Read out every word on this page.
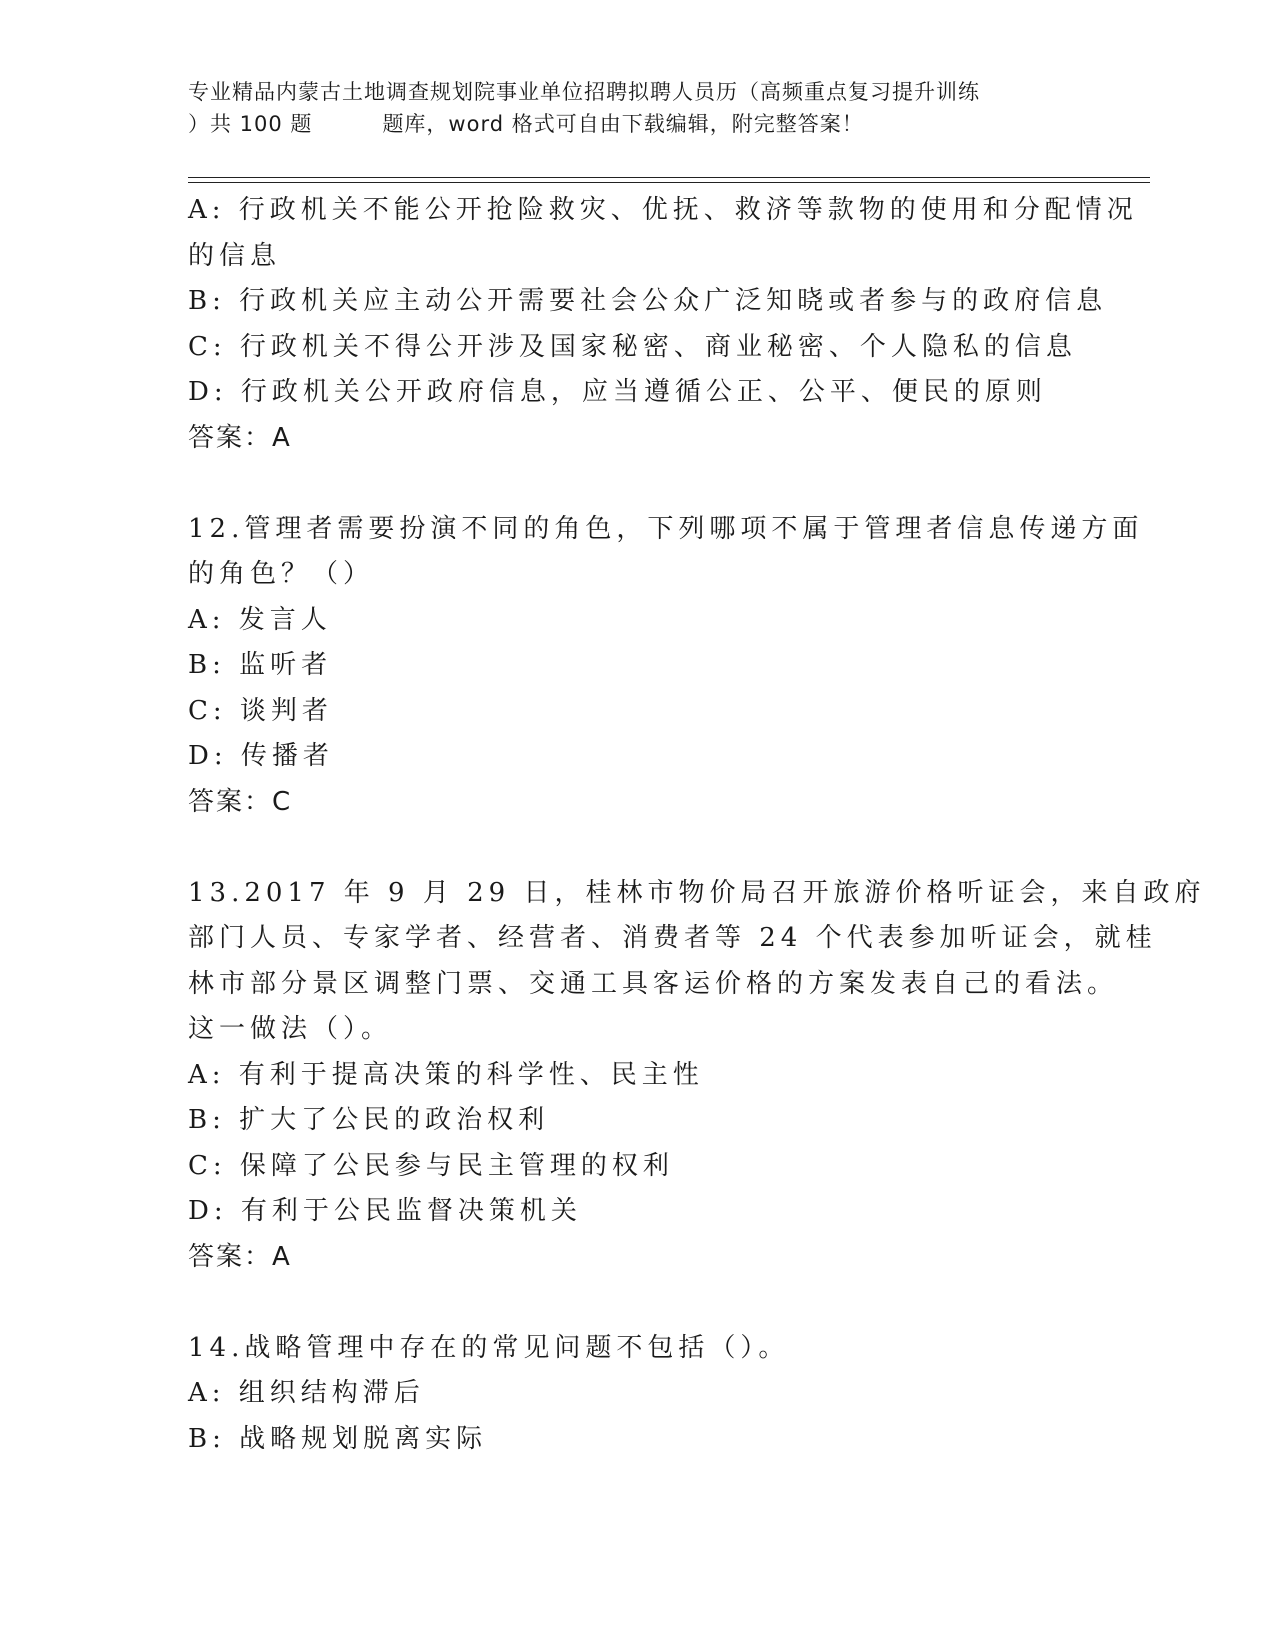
专业精品内蒙古土地调查规划院事业单位招聘拟聘人员历（高频重点复习提升训练
）共 100 题	题库，word 格式可自由下载编辑，附完整答案！
A: 行政机关不能公开抢险救灾、优抚、救济等款物的使用和分配情况
的信息
B: 行政机关应主动公开需要社会公众广泛知晓或者参与的政府信息
C: 行政机关不得公开涉及国家秘密、商业秘密、个人隐私的信息
D: 行政机关公开政府信息，应当遵循公正、公平、便民的原则
答案：A
12.管理者需要扮演不同的角色，下列哪项不属于管理者信息传递方面
的角色？（）
A: 发言人
B: 监听者
C: 谈判者
D: 传播者
答案：C
13.2017 年 9 月 29 日，桂林市物价局召开旅游价格听证会，来自政府
部门人员、专家学者、经营者、消费者等 24 个代表参加听证会，就桂
林市部分景区调整门票、交通工具客运价格的方案发表自己的看法。
这一做法（）。
A: 有利于提高决策的科学性、民主性
B: 扩大了公民的政治权利
C: 保障了公民参与民主管理的权利
D: 有利于公民监督决策机关
答案：A
14.战略管理中存在的常见问题不包括（）。
A: 组织结构滞后
B: 战略规划脱离实际
